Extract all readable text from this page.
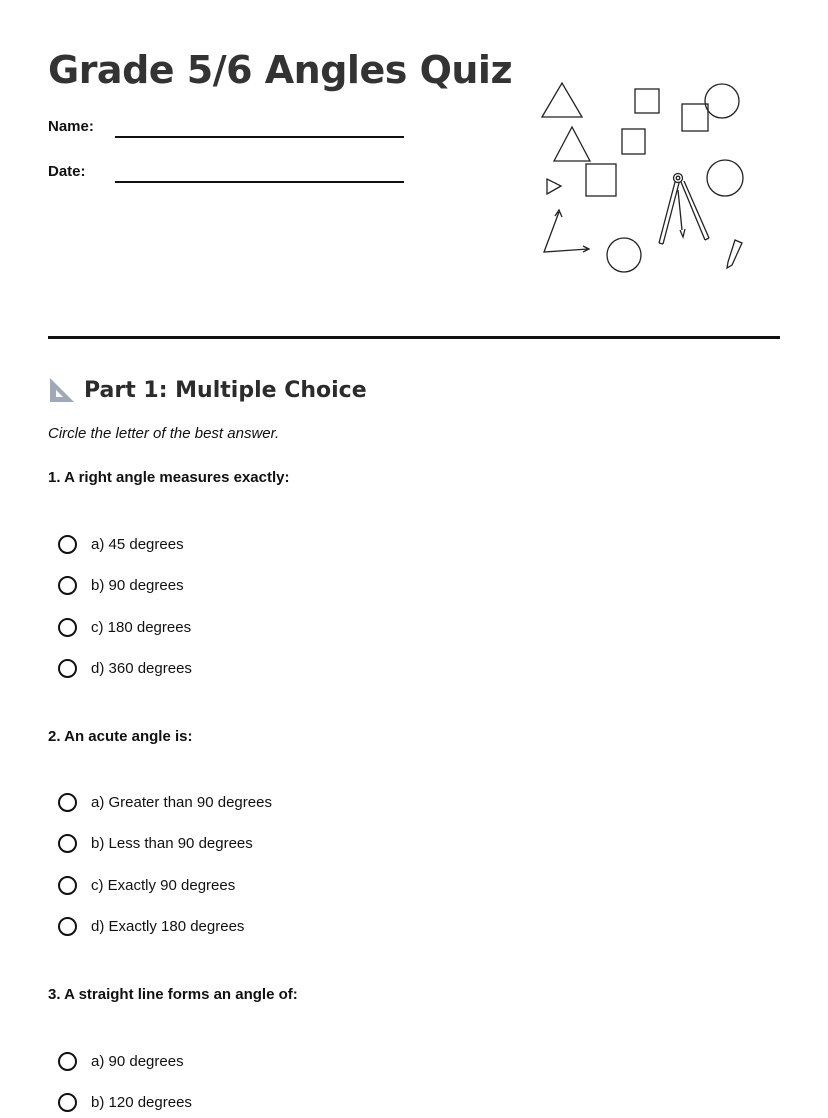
Grade 5/6 Angles Quiz
Name:
Date:
Part 1: Multiple Choice
Circle the letter of the best answer.
1. A right angle measures exactly:
a) 45 degrees
b) 90 degrees
c) 180 degrees
d) 360 degrees
2. An acute angle is:
a) Greater than 90 degrees
b) Less than 90 degrees
c) Exactly 90 degrees
d) Exactly 180 degrees
3. A straight line forms an angle of:
a) 90 degrees
b) 120 degrees
